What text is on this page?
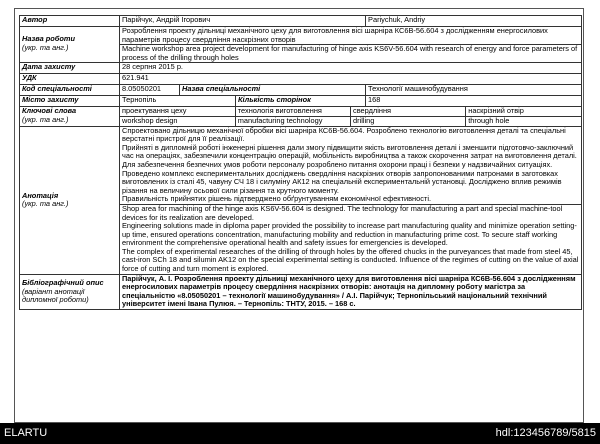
Автор	Парійчук, Андрій Ігорович	Pariychuk, Andriy
Назва роботи
(укр. та анг.)

Розроблення проекту дільниці механічного цеху для виготовлення вісі шарніра КС6В-56.604 з дослідженням енергосилових параметрів процесу свердління наскрізних отворів
Machine workshop area project development for manufacturing of hinge axis KS6V-56.604 with research of energy and force parameters of process of the drilling through holes

Дата захисту	28 серпня 2015 р.
УДК	621.941
Код спеціальності	8.05050201	Назва спеціальності	Технології машинобудування
Місто захисту	Тернопіль	Кількість сторінок	168
Ключові слова
(укр. та анг.)

проектування цеху	технологія виготовлення	свердління	наскрізний отвір
workshop design	manufacturing technology	drilling	through hole

Анотація
(укр. та анг.)

Спроектовано дільницю механічної обробки вісі шарніра КС6В-56.604. Розроблено технологію виготовлення деталі та спеціальні верстатні пристрої для її реалізації.
Прийняті в дипломній роботі інженерні рішення дали змогу підвищити якість виготовлення деталі і зменшити підготовчо-заключний час на операціях, забезпечили концентрацію операцій, мобільність виробництва а також скорочення затрат на виготовлення деталі. Для забезпечення безпечних умов роботи персоналу розроблено питання охорони праці і безпеки у надзвичайних ситуаціях.
Проведено комплекс експериментальних досліджень свердління наскрізних отворів запропонованими патронами в заготовках виготовлених із сталі 45, чавуну СЧ 18 і силуміну АК12 на спеціальній експериментальній установці. Досліджено вплив режимів різання на величину осьової сили різання та крутного моменту.
Правильність прийнятих рішень підтверджено обґрунтуванням економічної ефективності.
Shop area for machining of the hinge axis KS6V-56.604 is designed. The technology for manufacturing a part and special machine-tool devices for its realization are developed.
Engineering solutions made in diploma paper provided the possibility to increase part manufacturing quality and minimize operation setting-up time, ensured operations concentration, manufacturing mobility and reduction in manufacturing prime cost. To secure staff working environment the comprehensive operational health and safety issues for emergencies is developed.
The complex of experimental researches of the drilling of through holes by the offered chucks in the purveyances that made from steel 45, cast-iron SCh 18 and silumin AK12 on the special experimental setting is conducted. Influence of the regimes of cutting on the value of axial force of cutting and turn moment is explored.

Бібліографічний опис
(варіант анотації дипломної роботи)
	Парійчук, А. І. Розроблення проекту дільниці механічного цеху для виготовлення вісі шарніра КС6В-56.604 з дослідженням енергосилових параметрів процесу свердління наскрізних отворів: анотація на дипломну роботу магістра за спеціальністю «8.05050201 – технології машинобудування» / А.І. Парійчук; Тернопільський національний технічний університет імені Івана Пулюя. – Тернопіль: ТНТУ, 2015. – 168 с.
ELARTU	hdl:123456789/5815
